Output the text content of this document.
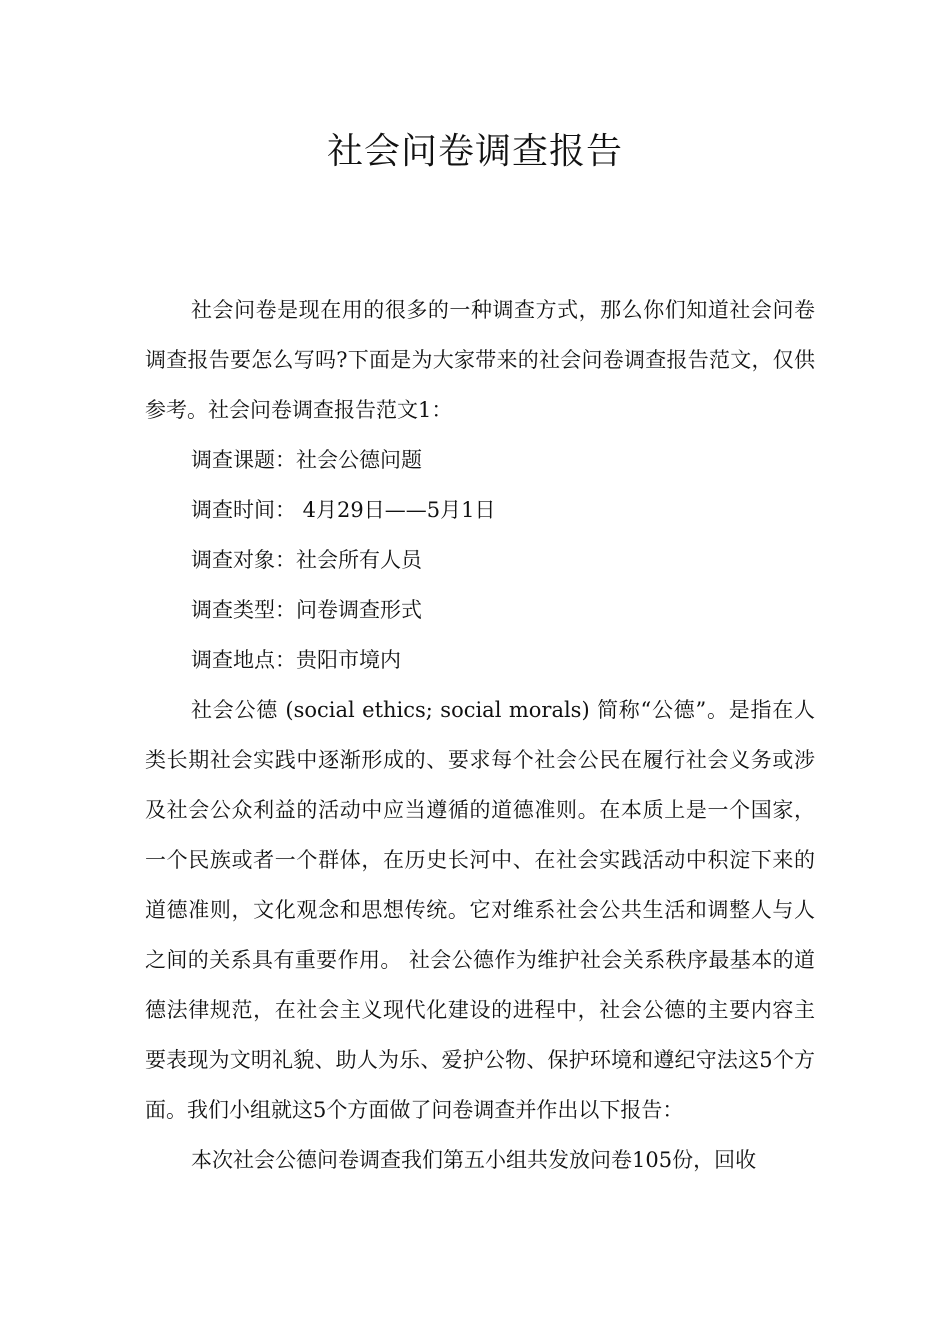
社会问卷调查报告

社会问卷是现在用的很多的一种调查方式，那么你们知道社会问卷调查报告要怎么写吗?下面是为大家带来的社会问卷调查报告范文，仅供参考。社会问卷调查报告范文1：

调查课题：社会公德问题
调查时间： 4月29日——5月1日
调查对象：社会所有人员
调查类型：问卷调查形式
调查地点：贵阳市境内

社会公德 (social ethics; social morals) 简称“公德”。是指在人类长期社会实践中逐渐形成的、要求每个社会公民在履行社会义务或涉及社会公众利益的活动中应当遵循的道德准则。在本质上是一个国家，一个民族或者一个群体，在历史长河中、在社会实践活动中积淀下来的道德准则，文化观念和思想传统。它对维系社会公共生活和调整人与人之间的关系具有重要作用。 社会公德作为维护社会关系秩序最基本的道德法律规范，在社会主义现代化建设的进程中，社会公德的主要内容主要表现为文明礼貌、助人为乐、爱护公物、保护环境和遵纪守法这5个方面。我们小组就这5个方面做了问卷调查并作出以下报告：

本次社会公德问卷调查我们第五小组共发放问卷105份，回收
